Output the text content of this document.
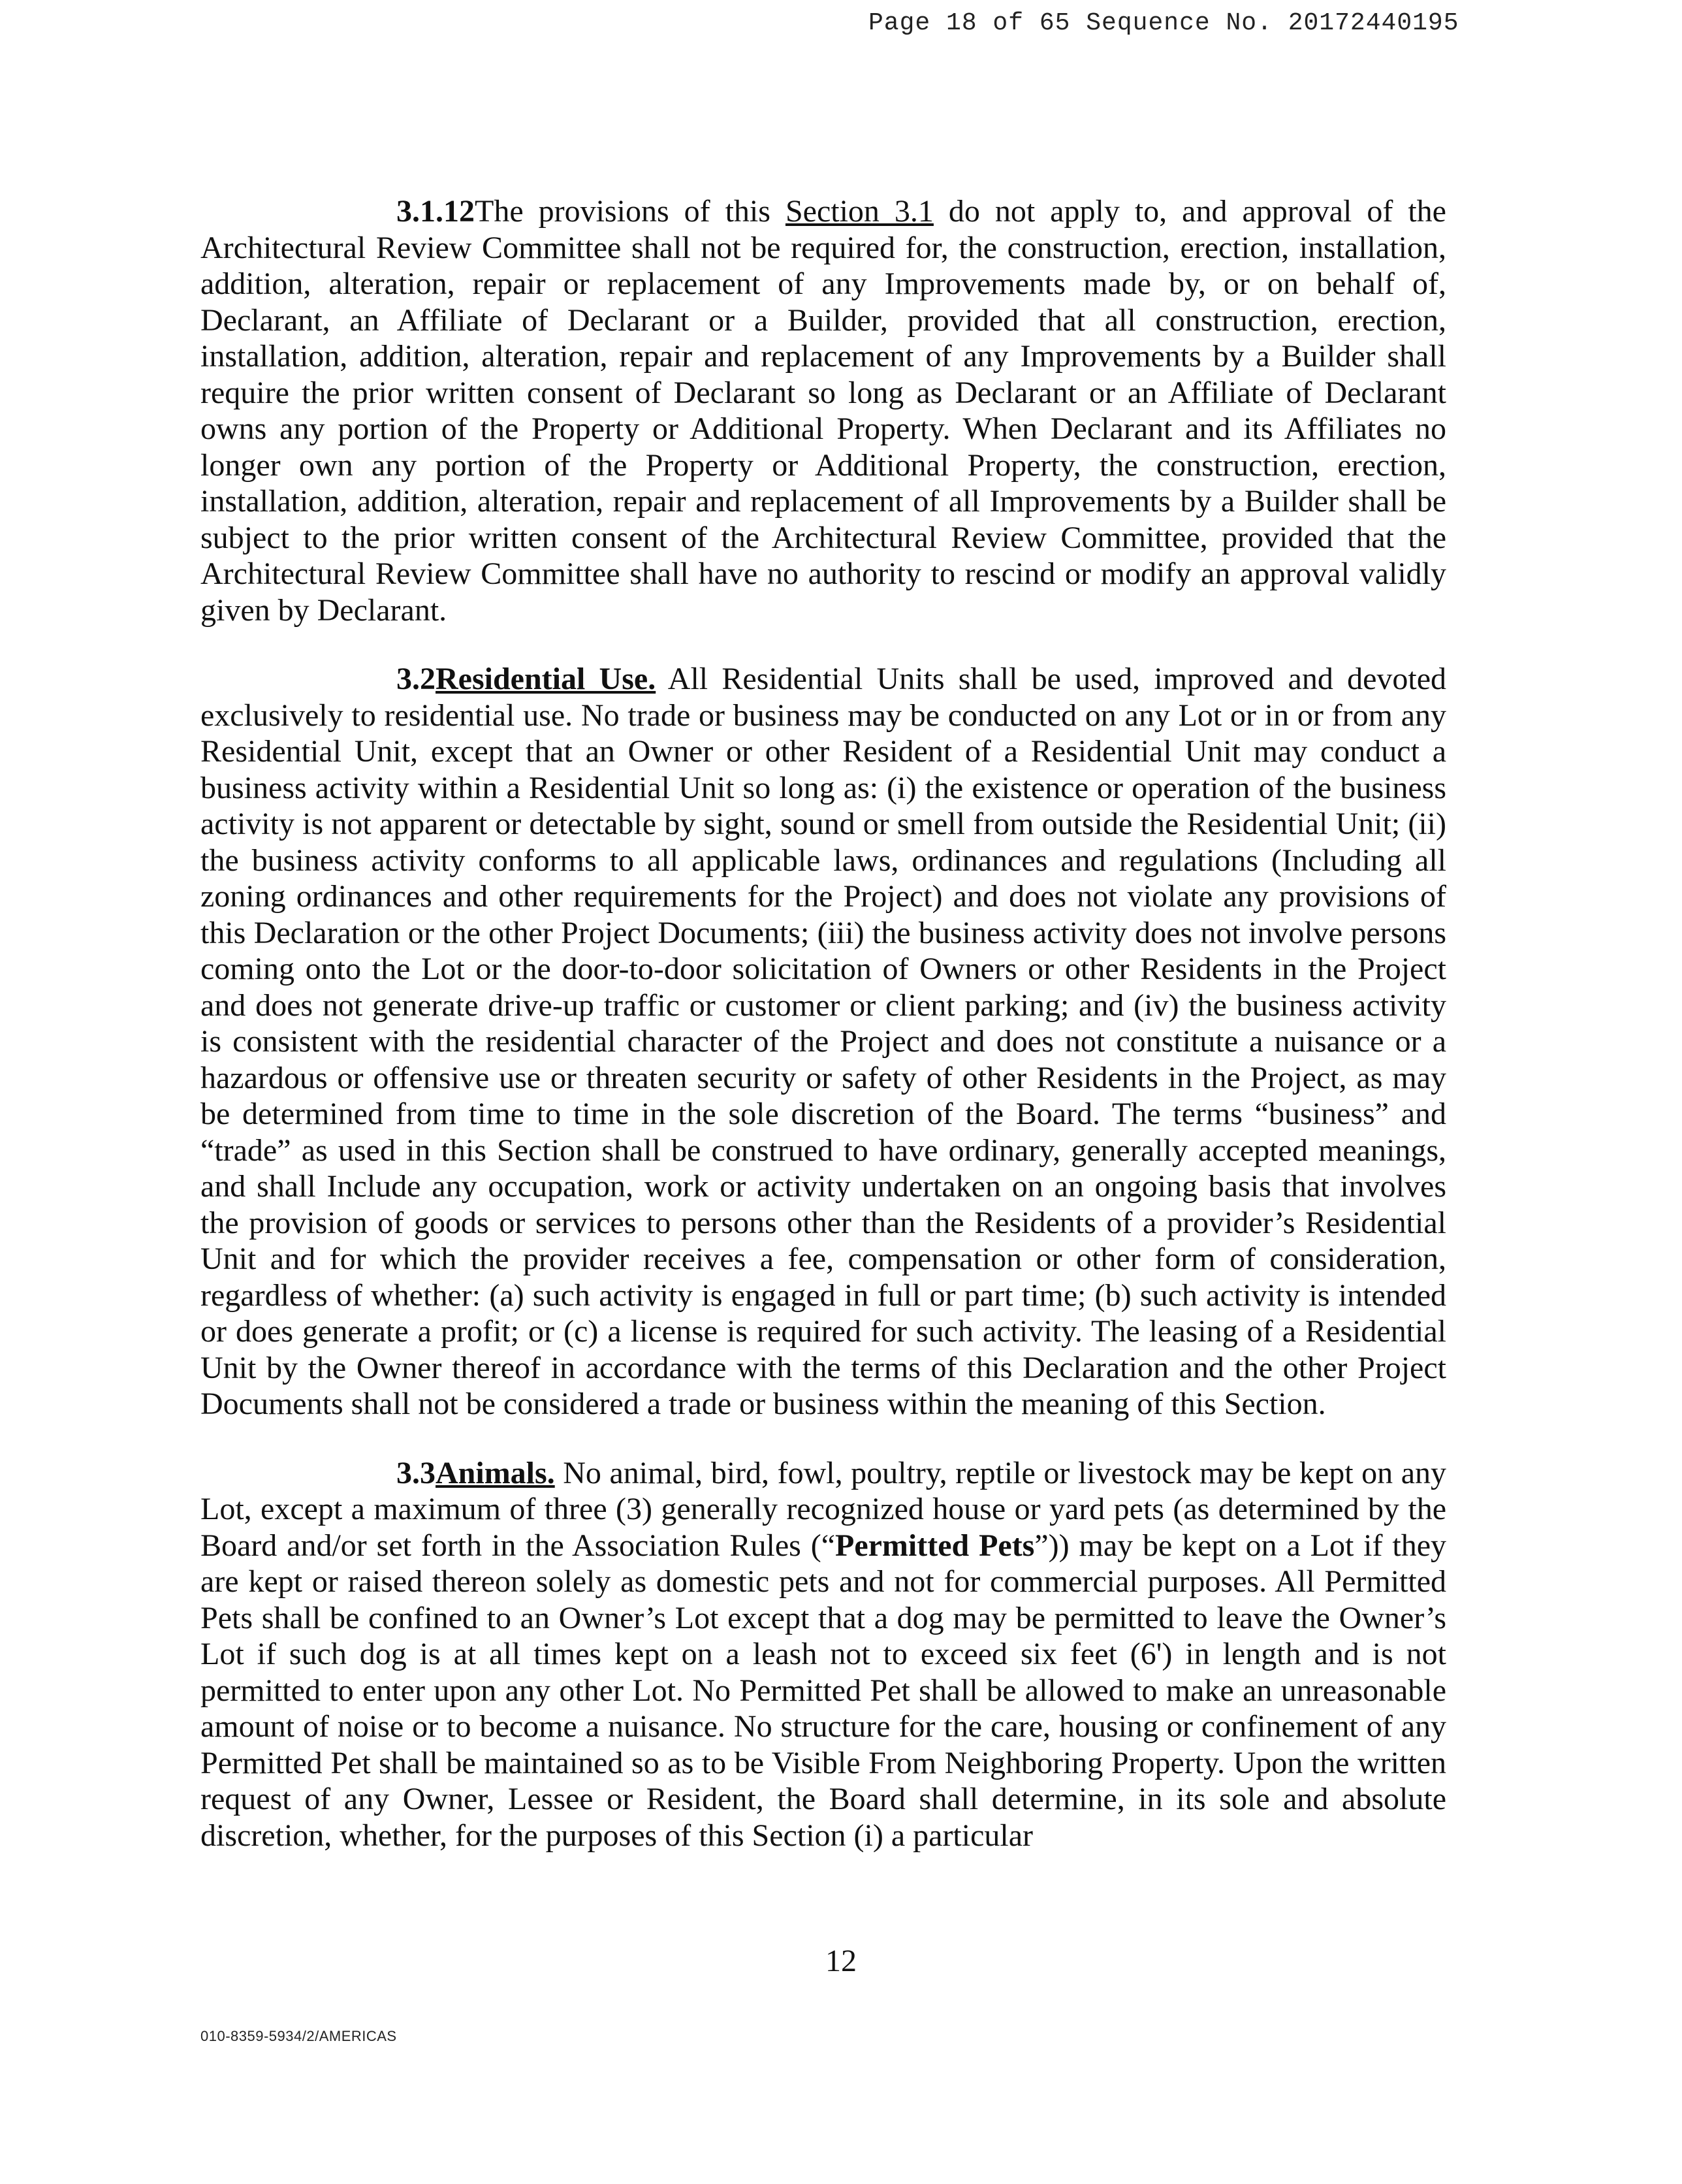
Page 18 of 65 Sequence No. 20172440195

3.1.12The provisions of this Section 3.1 do not apply to, and approval of the Architectural Review Committee shall not be required for, the construction, erection, installation, addition, alteration, repair or replacement of any Improvements made by, or on behalf of, Declarant, an Affiliate of Declarant or a Builder, provided that all construction, erection, installation, addition, alteration, repair and replacement of any Improvements by a Builder shall require the prior written consent of Declarant so long as Declarant or an Affiliate of Declarant owns any portion of the Property or Additional Property. When Declarant and its Affiliates no longer own any portion of the Property or Additional Property, the construction, erection, installation, addition, alteration, repair and replacement of all Improvements by a Builder shall be subject to the prior written consent of the Architectural Review Committee, provided that the Architectural Review Committee shall have no authority to rescind or modify an approval validly given by Declarant.

3.2Residential Use. All Residential Units shall be used, improved and devoted exclusively to residential use. No trade or business may be conducted on any Lot or in or from any Residential Unit, except that an Owner or other Resident of a Residential Unit may conduct a business activity within a Residential Unit so long as: (i) the existence or operation of the business activity is not apparent or detectable by sight, sound or smell from outside the Residential Unit; (ii) the business activity conforms to all applicable laws, ordinances and regulations (Including all zoning ordinances and other requirements for the Project) and does not violate any provisions of this Declaration or the other Project Documents; (iii) the business activity does not involve persons coming onto the Lot or the door-to-door solicitation of Owners or other Residents in the Project and does not generate drive-up traffic or customer or client parking; and (iv) the business activity is consistent with the residential character of the Project and does not constitute a nuisance or a hazardous or offensive use or threaten security or safety of other Residents in the Project, as may be determined from time to time in the sole discretion of the Board. The terms “business” and “trade” as used in this Section shall be construed to have ordinary, generally accepted meanings, and shall Include any occupation, work or activity undertaken on an ongoing basis that involves the provision of goods or services to persons other than the Residents of a provider’s Residential Unit and for which the provider receives a fee, compensation or other form of consideration, regardless of whether: (a) such activity is engaged in full or part time; (b) such activity is intended or does generate a profit; or (c) a license is required for such activity. The leasing of a Residential Unit by the Owner thereof in accordance with the terms of this Declaration and the other Project Documents shall not be considered a trade or business within the meaning of this Section.

3.3Animals. No animal, bird, fowl, poultry, reptile or livestock may be kept on any Lot, except a maximum of three (3) generally recognized house or yard pets (as determined by the Board and/or set forth in the Association Rules (“Permitted Pets”)) may be kept on a Lot if they are kept or raised thereon solely as domestic pets and not for commercial purposes. All Permitted Pets shall be confined to an Owner’s Lot except that a dog may be permitted to leave the Owner’s Lot if such dog is at all times kept on a leash not to exceed six feet (6') in length and is not permitted to enter upon any other Lot. No Permitted Pet shall be allowed to make an unreasonable amount of noise or to become a nuisance. No structure for the care, housing or confinement of any Permitted Pet shall be maintained so as to be Visible From Neighboring Property. Upon the written request of any Owner, Lessee or Resident, the Board shall determine, in its sole and absolute discretion, whether, for the purposes of this Section (i) a particular

12
010-8359-5934/2/AMERICAS
